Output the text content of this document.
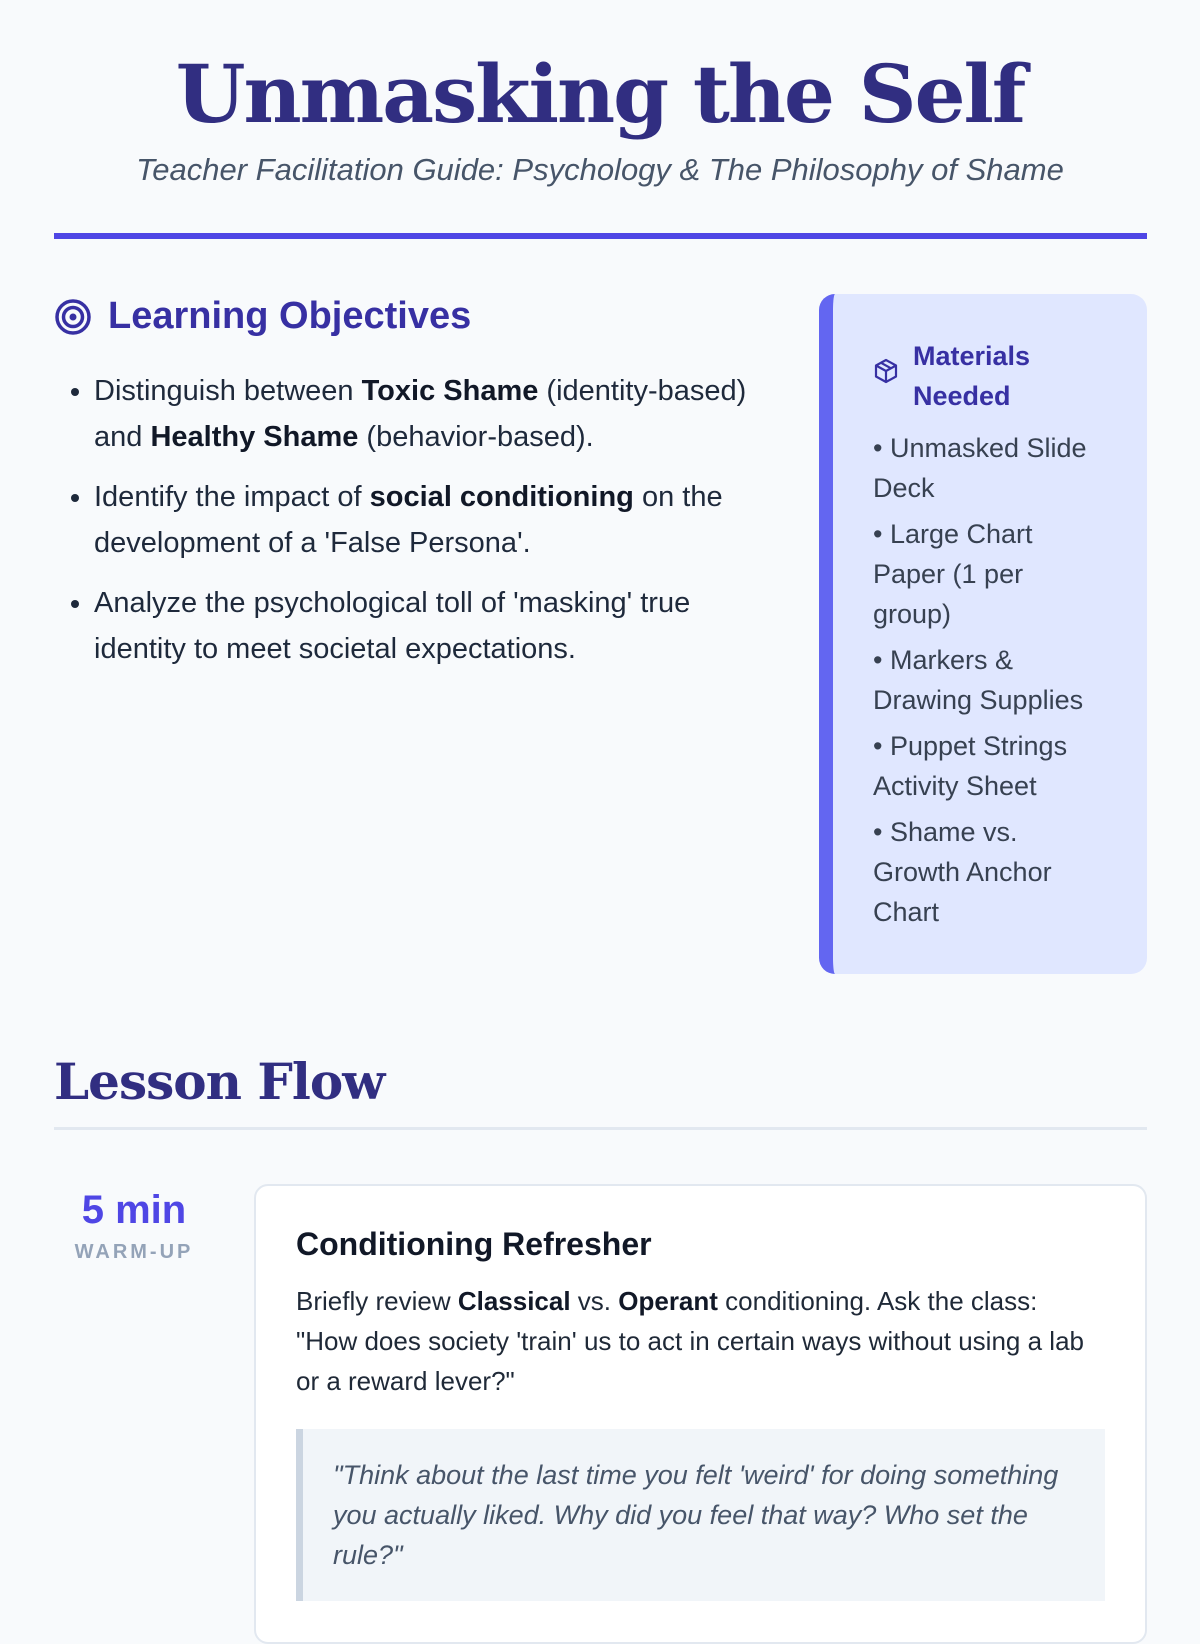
Unmasking the Self
Teacher Facilitation Guide: Psychology & The Philosophy of Shame
Learning Objectives
• Distinguish between Toxic Shame (identity-based) and Healthy Shame (behavior-based).
• Identify the impact of social conditioning on the development of a 'False Persona'.
• Analyze the psychological toll of 'masking' true identity to meet societal expectations.
Materials Needed
• Unmasked Slide Deck
• Large Chart Paper (1 per group)
• Markers & Drawing Supplies
• Puppet Strings Activity Sheet
• Shame vs. Growth Anchor Chart
Lesson Flow
5 min
WARM-UP	Conditioning Refresher
Briefly review Classical vs. Operant conditioning. Ask the class: "How does society 'train' us to act in certain ways without using a lab or a reward lever?"
"Think about the last time you felt 'weird' for doing something you actually liked. Why did you feel that way? Who set the rule?"
